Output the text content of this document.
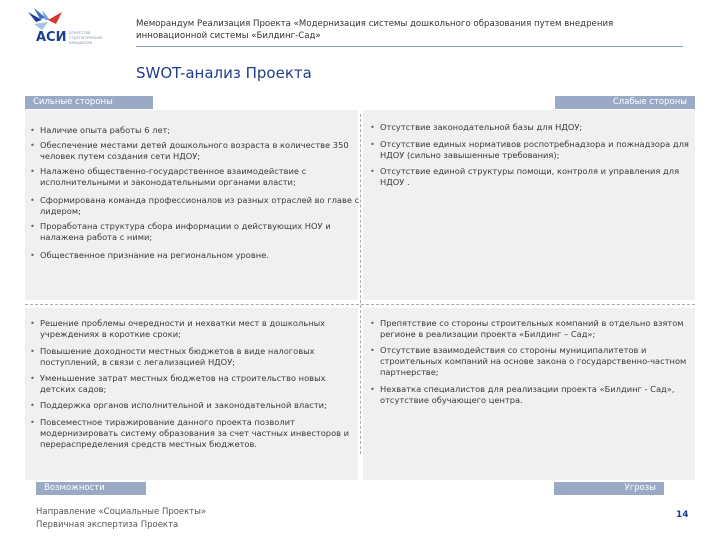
АСИ агентство стратегических инициатив
Меморандум Реализация Проекта «Модернизация системы дошкольного образования путем внедрения инновационной системы «Билдинг-Сад»
SWOT-анализ Проекта
Сильные стороны	Слабые стороны
Возможности	Угрозы
• Наличие опыта работы 6 лет;
• Обеспечение местами детей дошкольного возраста в количестве 350 человек путем создания сети НДОУ;
• Налажено общественно-государственное взаимодействие с исполнительными и законодательными органами власти;
• Сформирована команда профессионалов из разных отраслей во главе с лидером;
• Проработана структура сбора информации о действующих НОУ и налажена работа с ними;
• Общественное признание на региональном уровне.
• Отсутствие законодательной базы для НДОУ;
• Отсутствие единых нормативов роспотребнадзора и пожнадзора для НДОУ (сильно завышенные требования);
• Отсутствие единой структуры помощи, контроля и управления для НДОУ .
• Решение проблемы очередности и нехватки мест в дошкольных учреждениях в короткие сроки;
• Повышение доходности местных бюджетов в виде налоговых поступлений, в связи с легализацией НДОУ;
• Уменьшение затрат местных бюджетов на строительство новых детских садов;
• Поддержка органов исполнительной и законодательной власти;
• Повсеместное тиражирование данного проекта позволит модернизировать систему образования за счет частных инвесторов и перераспределения средств местных бюджетов.
• Препятствие со стороны строительных компаний в отдельно взятом регионе в реализации проекта «Билдинг – Сад»;
• Отсутствие взаимодействия со стороны муниципалитетов и строительных компаний на основе закона о государственно-частном партнерстве;
• Нехватка специалистов для реализации проекта «Билдинг - Сад», отсутствие обучающего центра.
Направление «Социальные Проекты»
Первичная экспертиза Проекта
14
